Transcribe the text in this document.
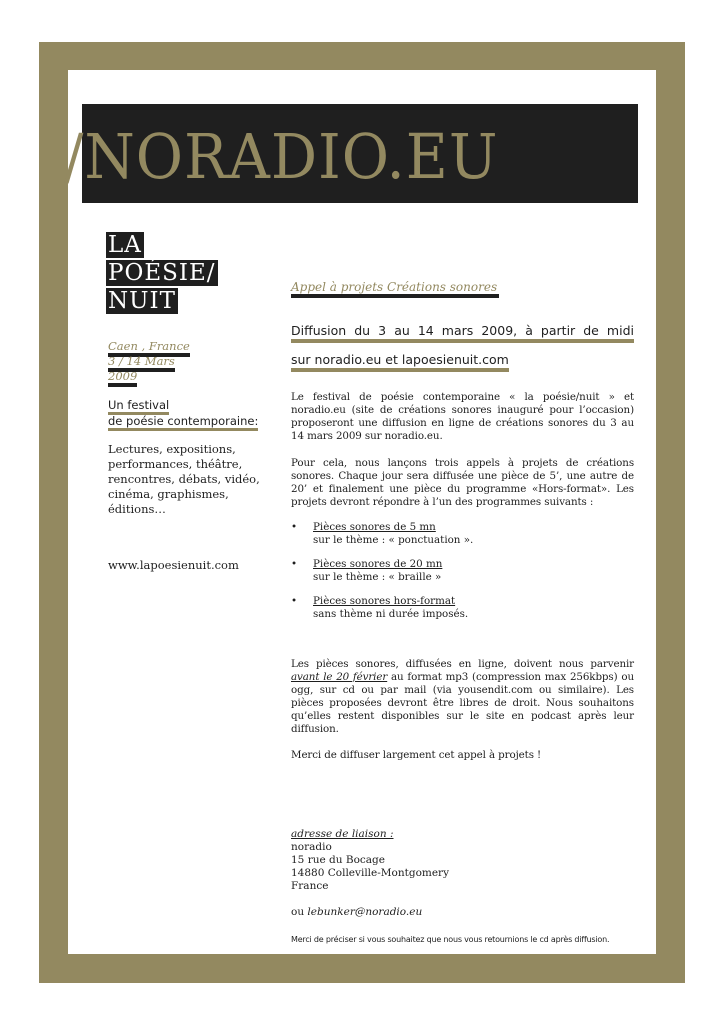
/NORADIO.EU
LA
POÉSIE/
NUIT
Caen , France
3 / 14 Mars
2009
Un festival
de poésie contemporaine:
Lectures, expositions,
performances, théâtre,
rencontres, débats, vidéo,
cinéma, graphismes,
éditions…
www.lapoesienuit.com
Appel à projets Créations sonores
Diffusion du 3 au 14 mars 2009, à partir de midi
sur noradio.eu et lapoesienuit.com
Le festival de poésie contemporaine « la poésie/nuit » et noradio.eu (site de créations sonores inauguré pour l’occasion) proposeront une diffusion en ligne de créations sonores du 3 au 14 mars 2009 sur noradio.eu.
Pour cela, nous lançons trois appels à projets de créations sonores. Chaque jour sera diffusée une pièce de 5’, une autre de 20’ et finalement une pièce du programme «Hors-format». Les projets devront répondre à l’un des programmes suivants :
• Pièces sonores de 5 mn
sur le thème : « ponctuation ».
• Pièces sonores de 20 mn
sur le thème : « braille »
• Pièces sonores hors-format
sans thème ni durée imposés.
Les pièces sonores, diffusées en ligne, doivent nous parvenir avant le 20 février au format mp3 (compression max 256kbps) ou ogg, sur cd ou par mail (via yousendit.com ou similaire). Les pièces proposées devront être libres de droit. Nous souhaitons qu’elles restent disponibles sur le site en podcast après leur diffusion.
Merci de diffuser largement cet appel à projets !
adresse de liaison :
noradio
15 rue du Bocage
14880 Colleville-Montgomery
France
ou lebunker@noradio.eu
Merci de préciser si vous souhaitez que nous vous retournions le cd après diffusion.
